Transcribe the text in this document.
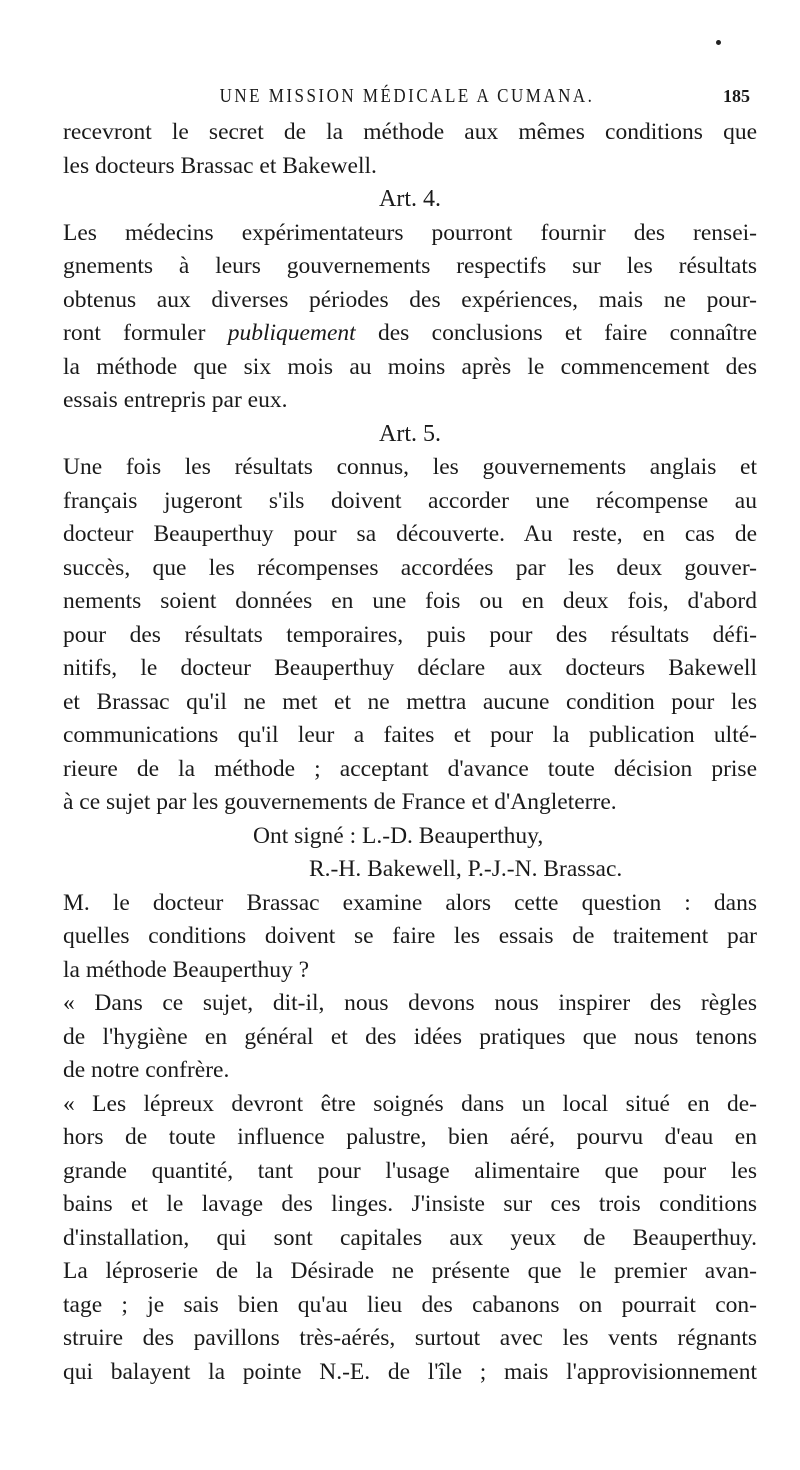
UNE MISSION MÉDICALE A CUMANA.	185
recevront le secret de la méthode aux mêmes conditions que
les docteurs Brassac et Bakewell.
Art. 4.
Les médecins expérimentateurs pourront fournir des rensei-
gnements à leurs gouvernements respectifs sur les résultats
obtenus aux diverses périodes des expériences, mais ne pour-
ront formuler publiquement des conclusions et faire connaître
la méthode que six mois au moins après le commencement des
essais entrepris par eux.
Art. 5.
Une fois les résultats connus, les gouvernements anglais et
français jugeront s'ils doivent accorder une récompense au
docteur Beauperthuy pour sa découverte. Au reste, en cas de
succès, que les récompenses accordées par les deux gouver-
nements soient données en une fois ou en deux fois, d'abord
pour des résultats temporaires, puis pour des résultats défi-
nitifs, le docteur Beauperthuy déclare aux docteurs Bakewell
et Brassac qu'il ne met et ne mettra aucune condition pour les
communications qu'il leur a faites et pour la publication ulté-
rieure de la méthode ; acceptant d'avance toute décision prise
à ce sujet par les gouvernements de France et d'Angleterre.
Ont signé : L.-D. Beauperthuy,
R.-H. Bakewell, P.-J.-N. Brassac.
M. le docteur Brassac examine alors cette question : dans
quelles conditions doivent se faire les essais de traitement par
la méthode Beauperthuy ?
« Dans ce sujet, dit-il, nous devons nous inspirer des règles
de l'hygiène en général et des idées pratiques que nous tenons
de notre confrère.
« Les lépreux devront être soignés dans un local situé en de-
hors de toute influence palustre, bien aéré, pourvu d'eau en
grande quantité, tant pour l'usage alimentaire que pour les
bains et le lavage des linges. J'insiste sur ces trois conditions
d'installation, qui sont capitales aux yeux de Beauperthuy.
La léproserie de la Désirade ne présente que le premier avan-
tage ; je sais bien qu'au lieu des cabanons on pourrait con-
struire des pavillons très-aérés, surtout avec les vents régnants
qui balayent la pointe N.-E. de l'île ; mais l'approvisionnement
